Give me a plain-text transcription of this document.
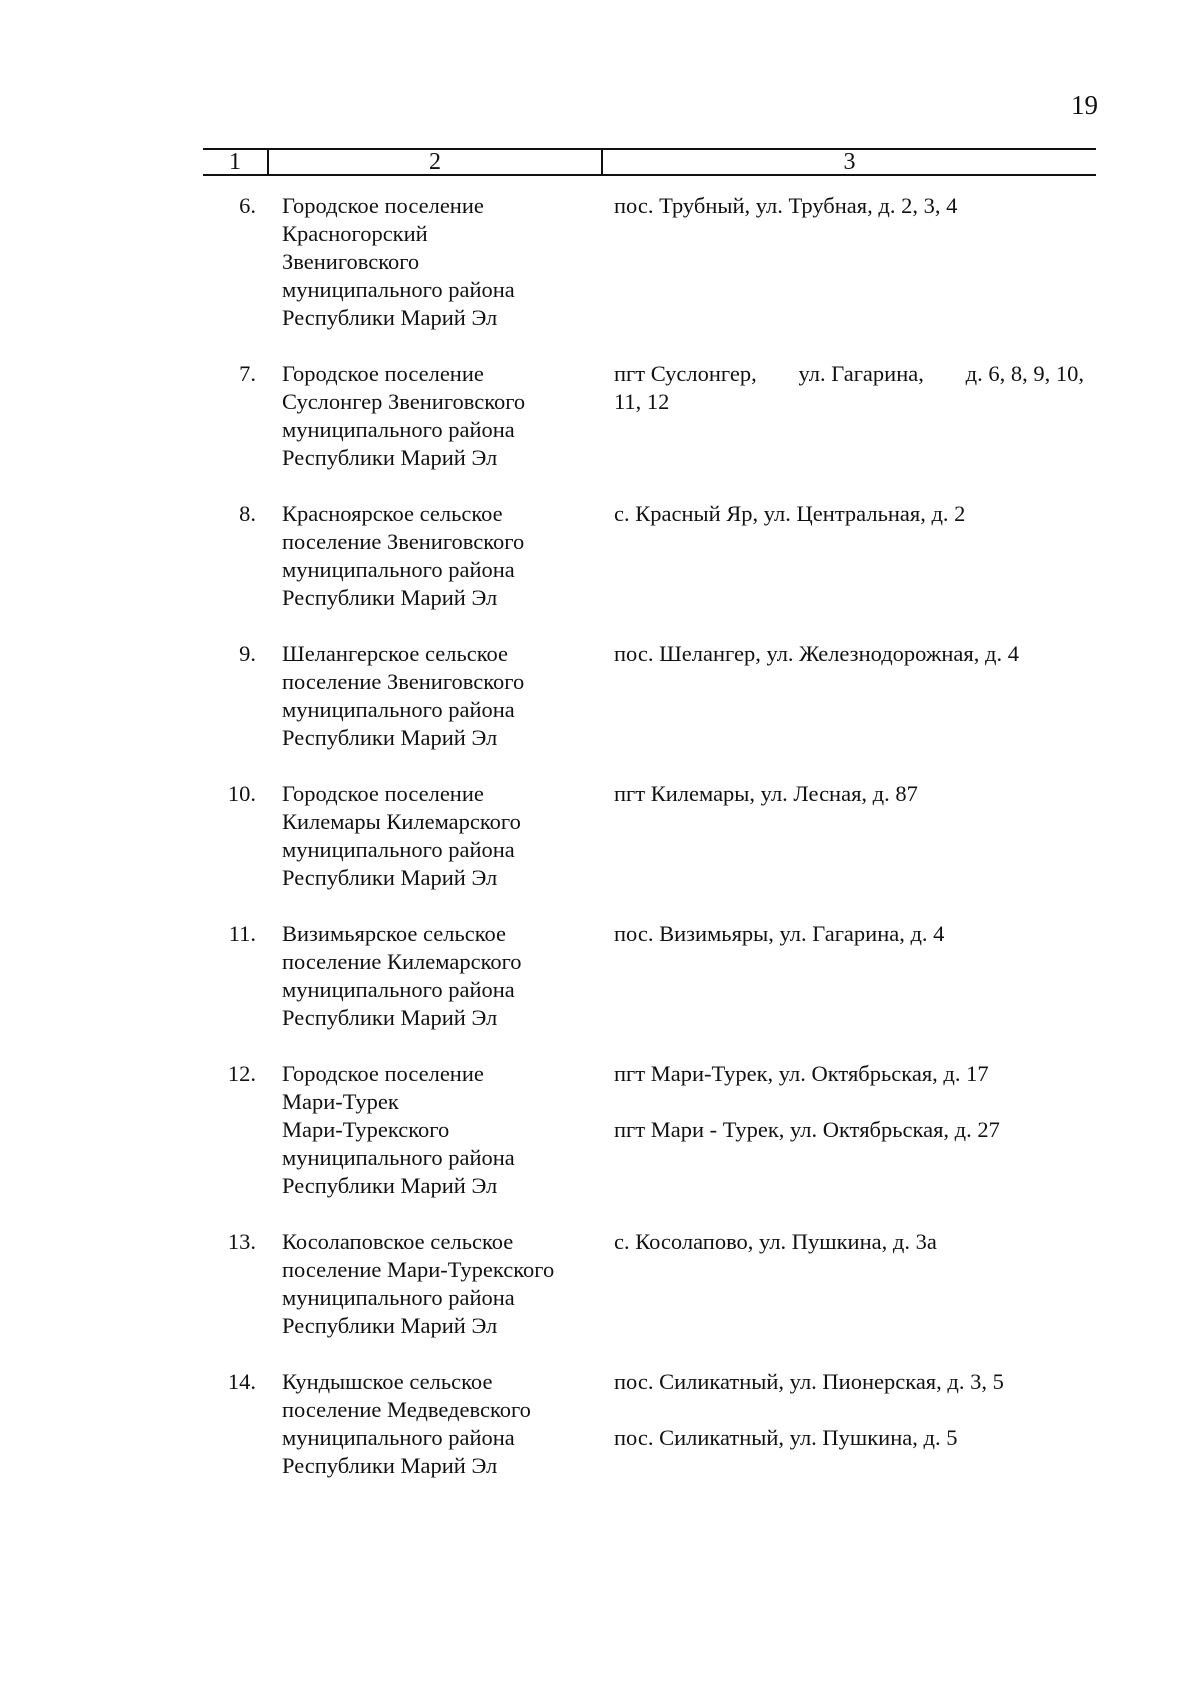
19
1	2	3
6. Городское поселение
Красногорский
Звениговского
муниципального района
Республики Марий Эл
пос. Трубный, ул. Трубная, д. 2, 3, 4
7. Городское поселение
Суслонгер Звениговского
муниципального района
Республики Марий Эл
пгт Суслонгер, ул. Гагарина, д. 6, 8, 9, 10,
11, 12
8. Красноярское сельское
поселение Звениговского
муниципального района
Республики Марий Эл
с. Красный Яр, ул. Центральная, д. 2
9. Шелангерское сельское
поселение Звениговского
муниципального района
Республики Марий Эл
пос. Шелангер, ул. Железнодорожная, д. 4
10. Городское поселение
Килемары Килемарского
муниципального района
Республики Марий Эл
пгт Килемары, ул. Лесная, д. 87
11. Визимьярское сельское
поселение Килемарского
муниципального района
Республики Марий Эл
пос. Визимьяры, ул. Гагарина, д. 4
12. Городское поселение
Мари-Турек
Мари-Турекского
муниципального района
Республики Марий Эл
пгт Мари-Турек, ул. Октябрьская, д. 17
пгт Мари - Турек, ул. Октябрьская, д. 27
13. Косолаповское сельское
поселение Мари-Турекского
муниципального района
Республики Марий Эл
с. Косолапово, ул. Пушкина, д. 3а
14. Кундышское сельское
поселение Медведевского
муниципального района
Республики Марий Эл
пос. Силикатный, ул. Пионерская, д. 3, 5
пос. Силикатный, ул. Пушкина, д. 5
